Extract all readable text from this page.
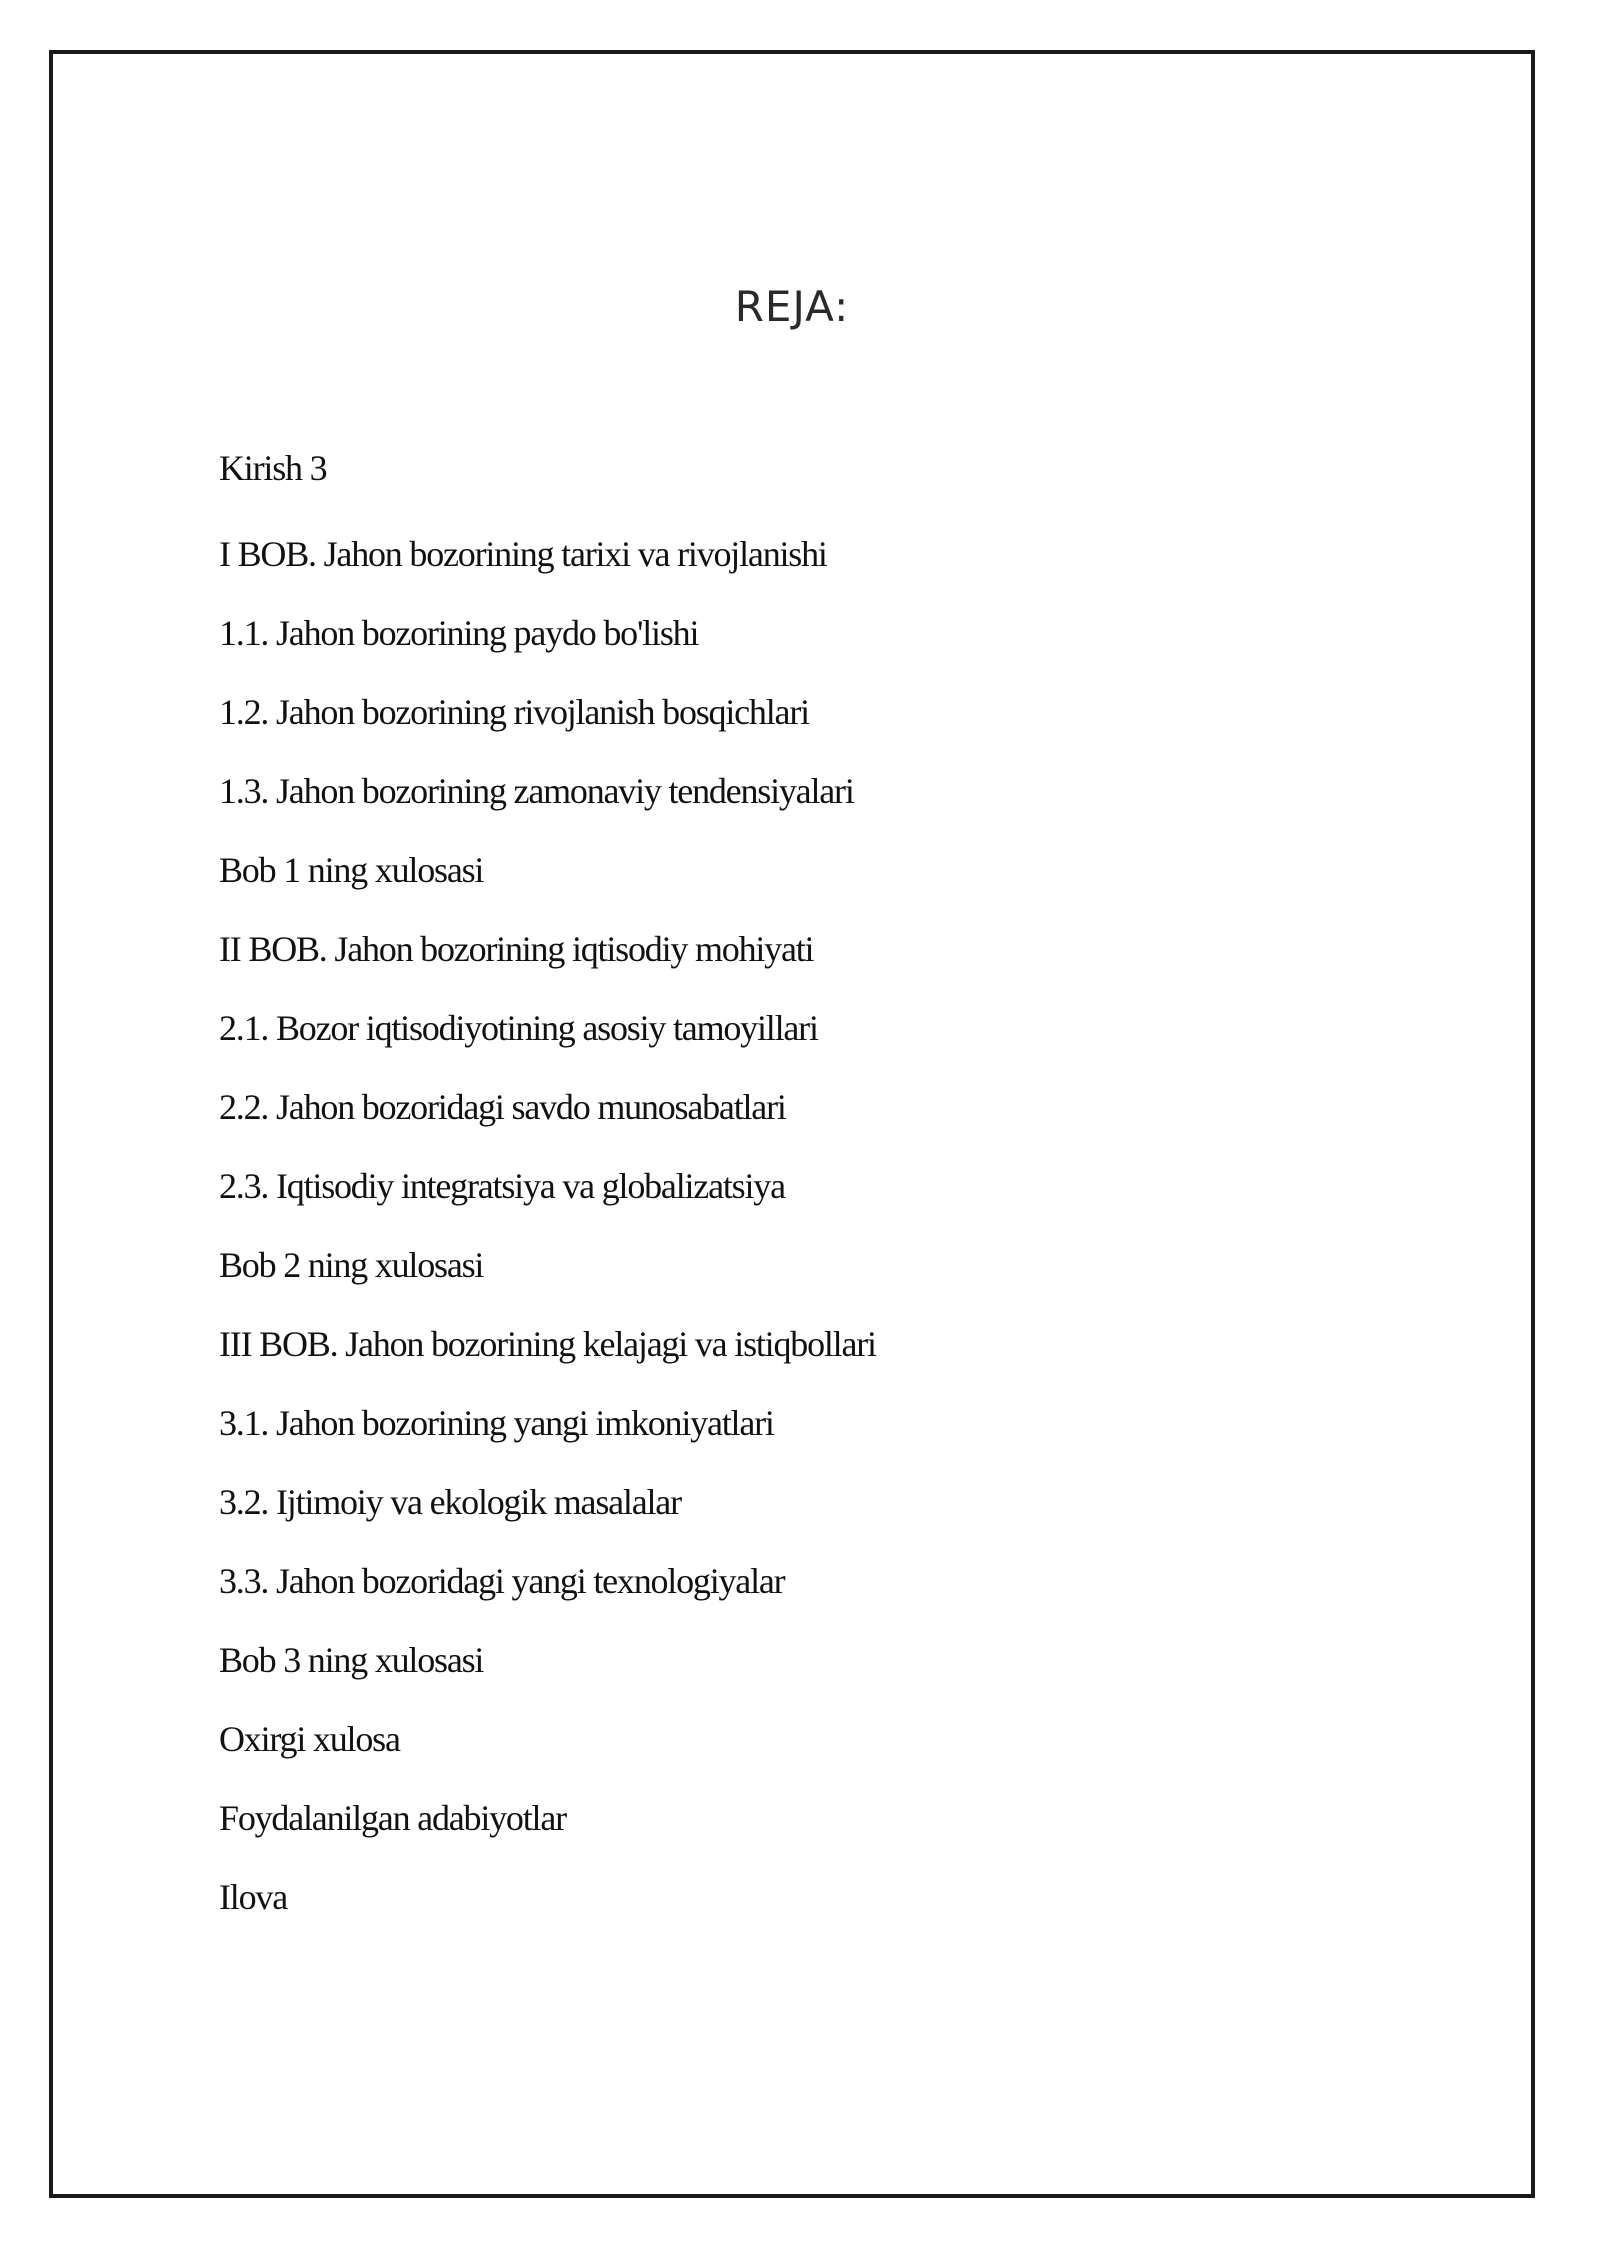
REJA:
Kirish 3
I BOB. Jahon bozorining tarixi va rivojlanishi
1.1. Jahon bozorining paydo bo'lishi
1.2. Jahon bozorining rivojlanish bosqichlari
1.3. Jahon bozorining zamonaviy tendensiyalari
Bob 1 ning xulosasi
II BOB. Jahon bozorining iqtisodiy mohiyati
2.1. Bozor iqtisodiyotining asosiy tamoyillari
2.2. Jahon bozoridagi savdo munosabatlari
2.3. Iqtisodiy integratsiya va globalizatsiya
Bob 2 ning xulosasi
III BOB. Jahon bozorining kelajagi va istiqbollari
3.1. Jahon bozorining yangi imkoniyatlari
3.2. Ijtimoiy va ekologik masalalar
3.3. Jahon bozoridagi yangi texnologiyalar
Bob 3 ning xulosasi
Oxirgi xulosa
Foydalanilgan adabiyotlar
Ilova
